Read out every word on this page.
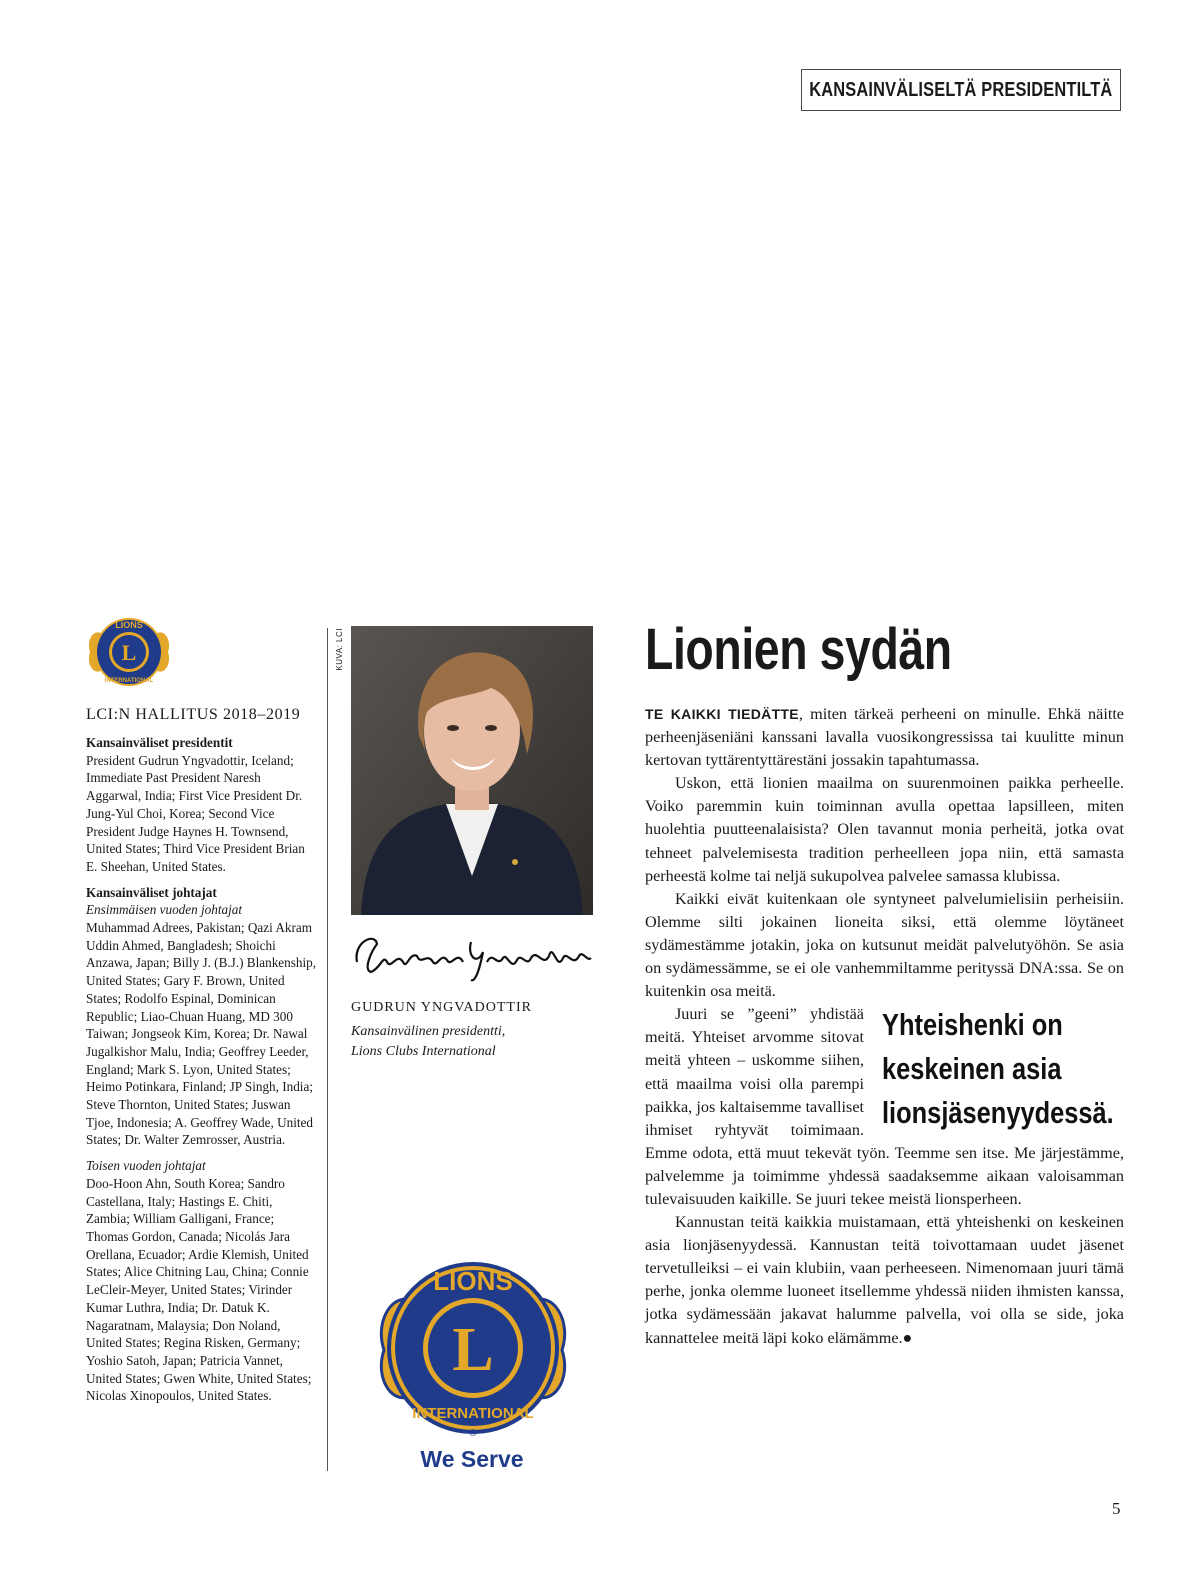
KANSAINVÄLISELTÄ PRESIDENTILTÄ
L
LIONS
INTERNATIONAL
LCI:N HALLITUS 2018–2019

Kansainväliset presidentit
President Gudrun Yngvadottir, Iceland; Immediate Past President Naresh Aggarwal, India; First Vice President Dr. Jung-Yul Choi, Korea; Second Vice President Judge Haynes H. Townsend, United States; Third Vice President Brian E. Sheehan, United States.

Kansainväliset johtajat
Ensimmäisen vuoden johtajat
Muhammad Adrees, Pakistan; Qazi Akram Uddin Ahmed, Bangladesh; Shoichi Anzawa, Japan; Billy J. (B.J.) Blankenship, United States; Gary F. Brown, United States; Rodolfo Espinal, Dominican Republic; Liao-Chuan Huang, MD 300 Taiwan; Jongseok Kim, Korea; Dr. Nawal Jugalkishor Malu, India; Geoffrey Leeder, England; Mark S. Lyon, United States; Heimo Potinkara, Finland; JP Singh, India; Steve Thornton, United States; Juswan Tjoe, Indonesia; A. Geoffrey Wade, United States; Dr. Walter Zemrosser, Austria.

Toisen vuoden johtajat
Doo-Hoon Ahn, South Korea; Sandro Castellana, Italy; Hastings E. Chiti, Zambia; William Galligani, France; Thomas Gordon, Canada; Nicolás Jara Orellana, Ecuador; Ardie Klemish, United States; Alice Chitning Lau, China; Connie LeCleir-Meyer, United States; Virinder Kumar Luthra, India; Dr. Datuk K. Nagaratnam, Malaysia; Don Noland, United States; Regina Risken, Germany; Yoshio Satoh, Japan; Patricia Vannet, United States; Gwen White, United States; Nicolas Xinopoulos, United States.

KUVA: LCI
GUDRUN YNGVADOTTIR
Kansainvälinen presidentti,
Lions Clubs International
L
LIONS
INTERNATIONAL
®
We Serve
Lionien sydän

TE KAIKKI TIEDÄTTE, miten tärkeä perheeni on minulle. Ehkä näitte perheenjäseniäni kanssani lavalla vuosikongressissa tai kuulitte minun kertovan tyttärentyttärestäni jossakin tapahtumassa.

Uskon, että lionien maailma on suurenmoinen paikka perheelle. Voiko paremmin kuin toiminnan avulla opettaa lapsilleen, miten huolehtia puutteenalaisista? Olen tavannut monia perheitä, jotka ovat tehneet palvelemisesta tradition perheelleen jopa niin, että samasta perheestä kolme tai neljä sukupolvea palvelee samassa klubissa.

Kaikki eivät kuitenkaan ole syntyneet palvelumielisiin perheisiin. Olemme silti jokainen lioneita siksi, että olemme löytäneet sydämestämme jotakin, joka on kutsunut meidät palvelutyöhön. Se asia on sydämessämme, se ei ole vanhemmiltamme perityssä DNA:ssa. Se on kuitenkin osa meitä.

Yhteishenki on
keskeinen asia
lionsjäsenyydessä.

Juuri se ”geeni” yhdistää meitä. Yhteiset arvomme sitovat meitä yhteen – uskomme siihen, että maailma voisi olla parempi paikka, jos kaltaisemme tavalliset ihmiset ryhtyvät toimimaan. Emme odota, että muut tekevät työn. Teemme sen itse. Me järjestämme, palvelemme ja toimimme yhdessä saadaksemme aikaan valoisamman tulevaisuuden kaikille. Se juuri tekee meistä lionsperheen.

Kannustan teitä kaikkia muistamaan, että yhteishenki on keskeinen asia lionjäsenyydessä. Kannustan teitä toivottamaan uudet jäsenet tervetulleiksi – ei vain klubiin, vaan perheeseen. Nimenomaan juuri tämä perhe, jonka olemme luoneet itsellemme yhdessä niiden ihmisten kanssa, jotka sydämessään jakavat halumme palvella, voi olla se side, joka kannattelee meitä läpi koko elämämme.●

5
